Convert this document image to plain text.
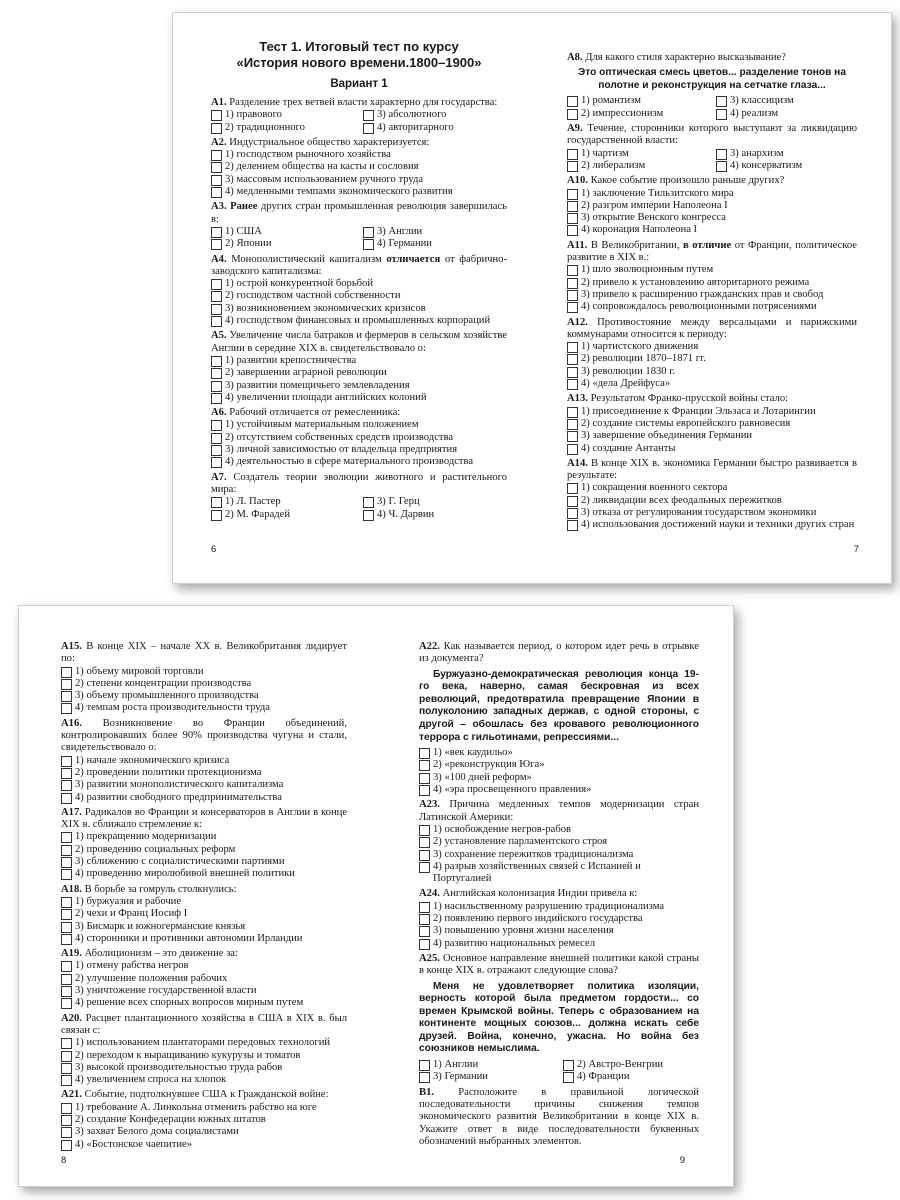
Тест 1. Итоговый тест по курсу
«История нового времени.1800–1900»
Вариант 1
А1. Разделение трех ветвей власти характерно для государства:
1) правового	3) абсолютного
2) традиционного	4) авторитарного
А2. Индустриальное общество характеризуется:
1) господством рыночного хозяйства
2) делением общества на касты и сословия
3) массовым использованием ручного труда
4) медленными темпами экономического развития
А3. Ранее других стран промышленная революция завершилась в:
1) США	3) Англии
2) Японии	4) Германии
А4. Монополистический капитализм отличается от фабрично-заводского капитализма:
1) острой конкурентной борьбой
2) господством частной собственности
3) возникновением экономических кризисов
4) господством финансовых и промышленных корпораций
А5. Увеличение числа батраков и фермеров в сельском хозяйстве Англии в середине XIX в. свидетельствовало о:
1) развитии крепостничества
2) завершении аграрной революции
3) развитии помещичьего землевладения
4) увеличении площади английских колоний
А6. Рабочий отличается от ремесленника:
1) устойчивым материальным положением
2) отсутствием собственных средств производства
3) личной зависимостью от владельца предприятия
4) деятельностью в сфере материального производства
А7. Создатель теории эволюции животного и растительного мира:
1) Л. Пастер	3) Г. Герц
2) М. Фарадей	4) Ч. Дарвин
А8. Для какого стиля характерно высказывание?
Это оптическая смесь цветов... разделение тонов на полотне и реконструкция на сетчатке глаза...
1) романтизм	3) классицизм
2) импрессионизм	4) реализм
А9. Течение, сторонники которого выступают за ликвидацию государственной власти:
1) чартизм	3) анархизм
2) либерализм	4) консерватизм
А10. Какое событие произошло раньше других?
1) заключение Тильзитского мира
2) разгром империи Наполеона I
3) открытие Венского конгресса
4) коронация Наполеона I
А11. В Великобритании, в отличие от Франции, политическое развитие в XIX в.:
1) шло эволюционным путем
2) привело к установлению авторитарного режима
3) привело к расширению гражданских прав и свобод
4) сопровождалось революционными потрясениями
А12. Противостояние между версальцами и парижскими коммунарами относится к периоду:
1) чартистского движения
2) революции 1870–1871 гг.
3) революции 1830 г.
4) «дела Дрейфуса»
А13. Результатом Франко-прусской войны стало:
1) присоединение к Франции Эльзаса и Лотарингии
2) создание системы европейского равновесия
3) завершение объединения Германии
4) создание Антанты
А14. В конце XIX в. экономика Германии быстро развивается в результате:
1) сокращения военного сектора
2) ликвидации всех феодальных пережитков
3) отказа от регулирования государством экономики
4) использования достижений науки и техники других стран
6	7
А15. В конце XIX – начале XX в. Великобритания лидирует по:
1) объему мировой торговли
2) степени концентрации производства
3) объему промышленного производства
4) темпам роста производительности труда
А16. Возникновение во Франции объединений, контролировавших более 90% производства чугуна и стали, свидетельствовало о:
1) начале экономического кризиса
2) проведении политики протекционизма
3) развитии монополистического капитализма
4) развитии свободного предпринимательства
А17. Радикалов во Франции и консерваторов в Англии в конце XIX в. сближало стремление к:
1) прекращению модернизации
2) проведению социальных реформ
3) сближению с социалистическими партиями
4) проведению миролюбивой внешней политики
А18. В борьбе за гомруль столкнулись:
1) буржуазия и рабочие
2) чехи и Франц Иосиф I
3) Бисмарк и южногерманские князья
4) сторонники и противники автономии Ирландии
А19. Аболиционизм – это движение за:
1) отмену рабства негров
2) улучшение положения рабочих
3) уничтожение государственной власти
4) решение всех спорных вопросов мирным путем
А20. Расцвет плантационного хозяйства в США в XIX в. был связан с:
1) использованием плантаторами передовых технологий
2) переходом к выращиванию кукурузы и томатов
3) высокой производительностью труда рабов
4) увеличением спроса на хлопок
А21. Событие, подтолкнувшее США к Гражданской войне:
1) требование А. Линкольна отменить рабство на юге
2) создание Конфедерации южных штатов
3) захват Белого дома социалистами
4) «Бостонское чаепитие»
А22. Как называется период, о котором идет речь в отрывке из документа?
Буржуазно-демократическая революция конца 19-го века, наверно, самая бескровная из всех революций, предотвратила превращение Японии в полуколонию западных держав, с одной стороны, с другой – обошлась без кровавого революционного террора с гильотинами, репрессиями...
1) «век каудильо»
2) «реконструкция Юга»
3) «100 дней реформ»
4) «эра просвещенного правления»
А23. Причина медленных темпов модернизации стран Латинской Америки:
1) освобождение негров-рабов
2) установление парламентского строя
3) сохранение пережитков традиционализма
4) разрыв хозяйственных связей с Испанией и Португалией
А24. Английская колонизация Индии привела к:
1) насильственному разрушению традиционализма
2) появлению первого индийского государства
3) повышению уровня жизни населения
4) развитию национальных ремесел
А25. Основное направление внешней политики какой страны в конце XIX в. отражают следующие слова?
Меня не удовлетворяет политика изоляции, верность которой была предметом гордости... со времен Крымской войны. Теперь с образованием на континенте мощных союзов... должна искать себе друзей. Война, конечно, ужасна. Но война без союзников немыслима.
1) Англии	2) Австро-Венгрии
3) Германии	4) Франции
В1. Расположите в правильной логической последовательности причины снижения темпов экономического развития Великобритании в конце XIX в. Укажите ответ в виде последовательности буквенных обозначений выбранных элементов.
8	9
